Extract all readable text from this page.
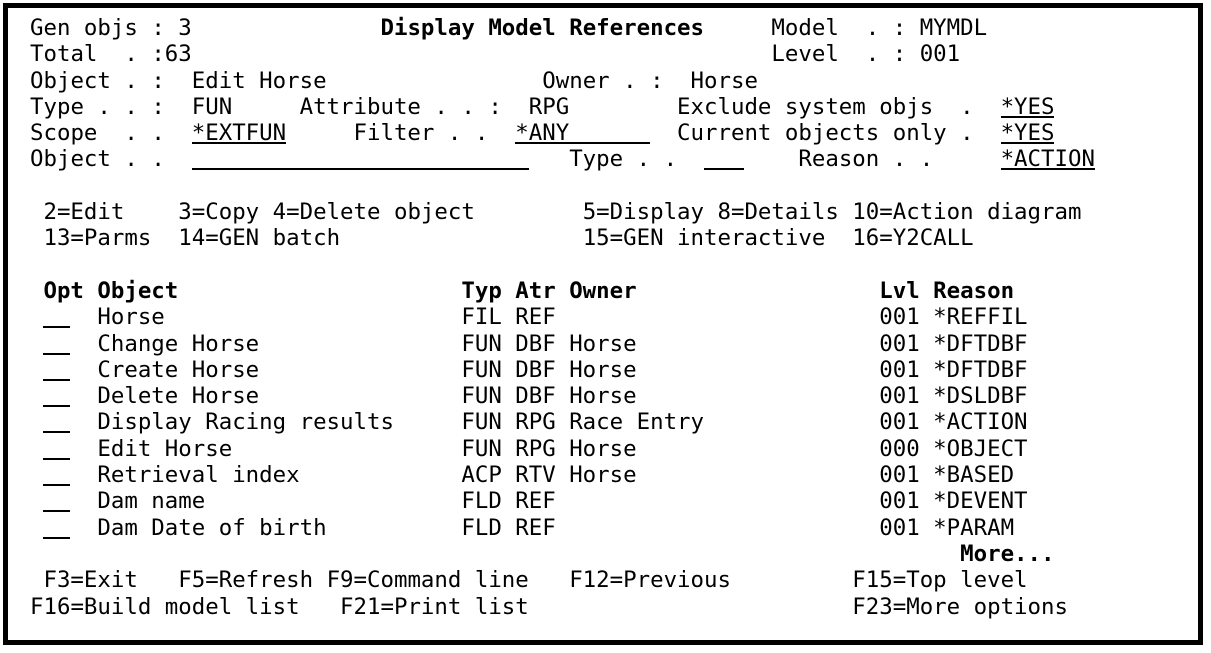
Gen objs : 3	Display Model References	Model  . : MYMDL
Total  . : 63	Level  . : 001
Object . : Edit Horse	Owner . : Horse
Type . . : FUN	Attribute . . : RPG	Exclude system objs  . *YES
Scope  . . *EXTFUN	Filter . . *ANY	Current objects only . *YES
Object . .	Type . .	Reason . .	*ACTION
2=Edit 3=Copy 4=Delete object	5=Display 8=Details 10=Action diagram
13=Parms 14=GEN batch	15=GEN interactive 16=Y2CALL
Opt Object	Typ Atr Owner	Lvl Reason
Horse	FIL REF	001 *REFFIL
Change Horse	FUN DBF Horse	001 *DFTDBF
Create Horse	FUN DBF Horse	001 *DFTDBF
Delete Horse	FUN DBF Horse	001 *DSLDBF
Display Racing results	FUN RPG Race Entry	001 *ACTION
Edit Horse	FUN RPG Horse	000 *OBJECT
Retrieval index	ACP RTV Horse	001 *BASED
Dam name	FLD REF	001 *DEVENT
Dam Date of birth	FLD REF	001 *PARAM
More...
F3=Exit F5=Refresh F9=Command line F12=Previous	F15=Top level
F16=Build model list F21=Print list	F23=More options
